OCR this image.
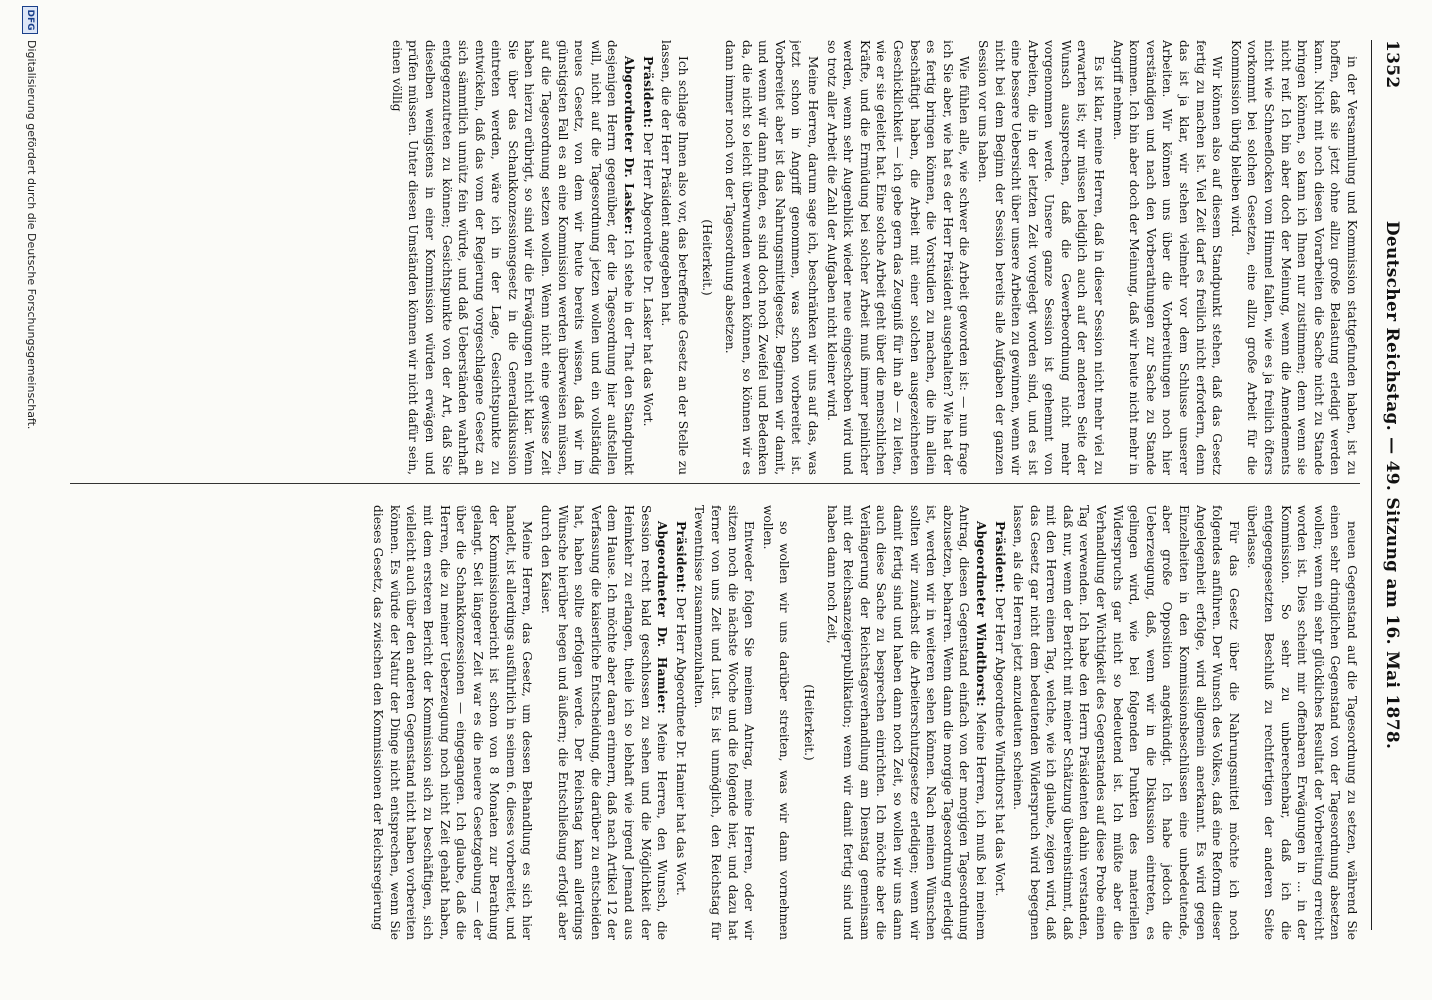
1352
Deutscher Reichstag. — 49. Sitzung am 16. Mai 1878.

in der Versammlung und Kommission stattgefunden haben, ist zu hoffen, daß sie jetzt ohne allzu große Belastung erledigt werden kann. Nicht mit noch diesen Vorarbeiten die Sache nicht zu Stande bringen können, so kann ich Ihnen nur zustimmen; denn wenn sie nicht reif. Ich bin aber doch der Meinung, wenn die Amendements nicht wie Schneeflocken vom Himmel fallen, wie es ja freilich öfters vorkommt bei solchen Gesetzen, eine allzu große Arbeit für die Kommission übrig bleiben wird.

Wir können also auf diesem Standpunkt stehen, daß das Gesetz fertig zu machen ist. Viel Zeit darf es freilich nicht erfordern, denn das ist ja klar, wir stehen vielmehr vor dem Schlusse unserer Arbeiten. Wir können uns über die Vorbereitungen noch hier verständigen und nach den Vorberathungen zur Sache zu Stande kommen. Ich bin aber doch der Meinung, daß wir heute nicht mehr in Angriff nehmen.

Es ist klar, meine Herren, daß in dieser Session nicht mehr viel zu erwarten ist; wir müssen lediglich auch auf der anderen Seite der Wunsch aussprechen, daß die Gewerbeordnung nicht mehr vorgenommen werde. Unsere ganze Session ist gehemmt von Arbeiten, die in der letzten Zeit vorgelegt worden sind, und es ist eine bessere Uebersicht über unsere Arbeiten zu gewinnen, wenn wir nicht bei dem Beginn der Session bereits alle Aufgaben der ganzen Session vor uns haben.

Wie fühlen alle, wie schwer die Arbeit geworden ist: — nun frage ich Sie aber, wie hat es der Herr Präsident ausgehalten? Wie hat der es fertig bringen können, die Vorstudien zu machen, die ihn allein beschäftigt haben, die Arbeit mit einer solchen ausgezeichneten Geschicklichkeit — ich gebe gern das Zeugniß für ihn ab — zu leiten, wie er sie geleitet hat. Eine solche Arbeit geht über die menschlichen Kräfte, und die Ermüdung bei solcher Arbeit muß immer peinlicher werden, wenn sehr Augenblick wieder neue eingeschoben wird und so trotz aller Arbeit die Zahl der Aufgaben nicht kleiner wird.

Meine Herren, darum sage ich, beschränken wir uns auf das, was jetzt schon in Angriff genommen, was schon vorbereitet ist. Vorbereitet aber ist das Nahrungsmittelgesetz. Beginnen wir damit, und wenn wir dann finden, es sind doch noch Zweifel und Bedenken da, die nicht so leicht überwunden werden können, so können wir es dann immer noch von der Tagesordnung absetzen.

(Heiterkeit.)

Ich schlage Ihnen also vor, das betreffende Gesetz an der Stelle zu lassen, die der Herr Präsident angegeben hat.

Präsident: Der Herr Abgeordnete Dr. Lasker hat das Wort.

Abgeordneter Dr. Lasker: Ich stehe in der That den Standpunkt desjenigen Herrn gegenüber, der die Tagesordnung hier aufstellen will, nicht auf die Tagesordnung jetzen wollen und ein vollständig neues Gesetz, von dem wir heute bereits wissen, daß wir im günstigsten Fall es an eine Kommission werden überweisen müssen, auf die Tagesordnung setzen wollen. Wenn nicht eine gewisse Zeit haben hierzu erübrigt, so sind wir die Erwägungen nicht klar. Wenn Sie über das Schankkonzessionsgesetz in die Generaldiskussion eintreten werden, wäre ich in der Lage, Gesichtspunkte zu entwickeln, daß das vom der Regierung vorgeschlagene Gesetz an sich sämmtlich unnütz fein würde, und daß Ueberständen wahrhaft entgegenzutreten zu können; Gesichtspunkte von der Art, daß Sie dieselben wenigstens in einer Kommission würden erwägen und prüfen müssen. Unter diesen Umständen können wir nicht dafür sein, einen völlig

neuen Gegenstand auf die Tagesordnung zu setzen, während Sie einen sehr dringlichen Gegenstand von der Tagesordnung absetzen wollen; wenn ein sehr glückliches Resultat der Vorbereitung erreicht worden ist. Dies scheint mir offenbaren Erwägungen in ... in der Kommission. So sehr zu unberechenbar, daß ich die entgegengesetzten Beschluß zu rechtfertigen der anderen Seite überlasse.

Für das Gesetz über die Nahrungsmittel möchte ich noch folgendes anführen. Der Wunsch des Volkes, daß eine Reform dieser Angelegenheit erfolge, wird allgemein anerkannt. Es wird gegen Einzelheiten in den Kommissionsbeschlüssen eine unbedeutende, aber große Opposition angekündigt. Ich habe jedoch die Ueberzeugung, daß, wenn wir in die Diskussion eintreten, es gelingen wird, wie bei folgenden Punkten des materiellen Widerspruchs gar nicht so bedeutend ist. Ich müßte aber die Verhandlung der Wichtigkeit des Gegenstandes auf diese Probe einen Tag verwenden. Ich habe den Herrn Präsidenten dahin verstanden, daß nur, wenn der Bericht mit meiner Schätzung übereinstimmt, daß mit den Herren einen Tag, welche, wie ich glaube, zeigen wird, daß das Gesetz gar nicht dem bedeutenden Widerspruch wird begegnen lassen, als die Herren jetzt anzudeuten scheinen.

Präsident: Der Herr Abgeordnete Windthorst hat das Wort.

Abgeordneter Windthorst: Meine Herren, ich muß bei meinem Antrag, diesen Gegenstand einfach von der morgigen Tagesordnung abzusetzen, beharren. Wenn dann die morgige Tagesordnung erledigt ist, werden wir in weiteren sehen können. Nach meinen Wünschen sollten wir zunächst die Arbeiterschutzgesetze erledigen; wenn wir damit fertig sind und haben dann noch Zeit, so wollen wir uns dann auch diese Sache zu besprechen einrichten. Ich möchte aber die Verlängerung der Reichstagsverhandlung am Dienstag gemeinsam mit der Reichsanzeigerpublikation; wenn wir damit fertig sind und haben dann noch Zeit,

(Heiterkeit.)

so wollen wir uns darüber streiten, was wir dann vornehmen wollen.

Entweder folgen Sie meinem Antrag, meine Herren, oder wir sitzen noch die nächste Woche und die folgende hier, und dazu hat ferner von uns Zeit und Lust. Es ist unmöglich, den Reichstag für Tewentnisse zusammenzuhalten.

Präsident: Der Herr Abgeordnete Dr. Hamier hat das Wort.

Abgeordneter Dr. Hamier: Meine Herren, den Wunsch, die Session recht bald geschlossen zu sehen und die Möglichkeit der Heimkehr zu erlangen, theile ich so lebhaft wie irgend Jemand aus dem Hause. Ich möchte aber daran erinnern, daß nach Artikel 12 der Verfassung die kaiserliche Entscheidung, die darüber zu entscheiden hat, haben sollte erfolgen werde. Der Reichstag kann allerdings Wünsche hierüber hegen und äußern; die Entschließung erfolgt aber durch den Kaiser.

Meine Herren, das Gesetz, um dessen Behandlung es sich hier handelt, ist allerdings ausführlich in seinem 6. dieses vorbereitet, und der Kommissionsbericht ist schon von 8 Monaten zur Berathung gelangt. Seit längerer Zeit war es die neuere Gesetzgebung — der über die Schankkonzessionen — eingegangen. Ich glaube, daß die Herren, die zu meiner Ueberzeugung noch nicht Zeit gehabt haben, mit dem ersteren Bericht der Kommission sich zu beschäftigen, sich vielleicht auch über den anderen Gegenstand nicht haben vorbereiten können. Es würde der Natur der Dinge nicht entsprechen, wenn Sie dieses Gesetz, das zwischen den Kommissionen der Reichsregierung

DFG
Digitalisierung gefördert durch die Deutsche Forschungsgemeinschaft.
